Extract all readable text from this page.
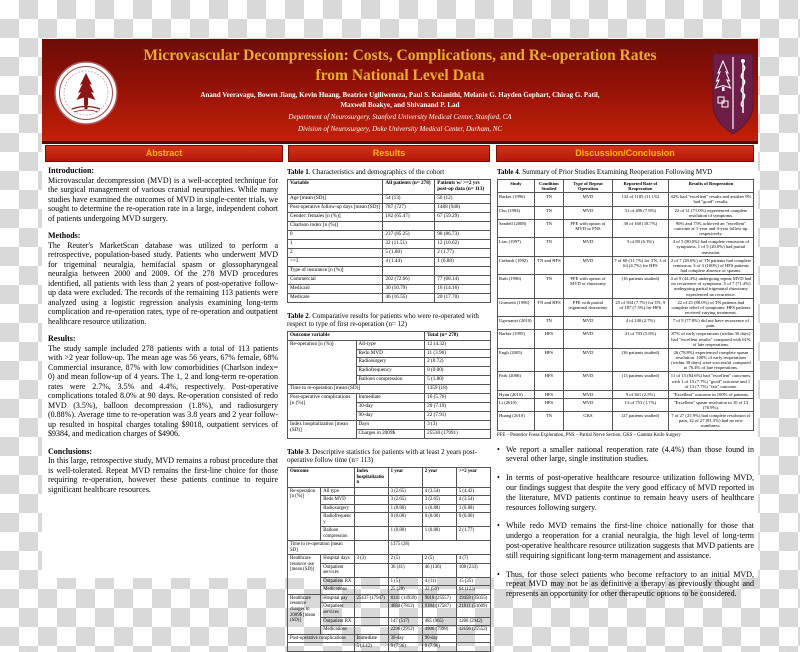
Microvascular Decompression: Costs, Complications, and Re-operation Rates
from National Level Data
Anand Veeravagu, Bowen Jiang, Kevin Huang, Beatrice Ugiliweneza, Paul S. Kalanithi, Melanie G. Hayden Gephart, Chirag G. Patil,
Maxwell Boakye, and Shivanand P. Lad
Department of Neurosurgery, Stanford University Medical Center, Stanford, CA
Division of Neurosurgery, Duke University Medical Center, Durham, NC
Abstract	Results	Discussion/Conclusion
Introduction:
Microvascular decompression (MVD) is a well-accepted technique for the surgical management of various cranial neuropathies. While many studies have examined the outcomes of MVD in single-center trials, we sought to determine the re-operation rate in a large, independent cohort of patients undergoing MVD surgery.
Methods:
The Reuter's MarketScan database was utilized to perform a retrospective, population-based study. Patients who underwent MVD for trigeminal neuralgia, hemifacial spasm or glossopharyngeal neuralgia between 2000 and 2009. Of the 278 MVD procedures identified, all patients with less than 2 years of post-operative follow-up data were excluded. The records of the remaining 113 patients were analyzed using a logistic regression analysis examining long-term complication and re-operation rates, type of re-operation and outpatient healthcare resource utilization.
Results:
The study sample included 278 patients with a total of 113 patients with >2 year follow-up. The mean age was 56 years, 67% female, 68% Commercial insurance, 87% with low comorbidities (Charlson index= 0) and mean follow-up of 4 years. The 1, 2 and long-term re-operation rates were 2.7%, 3.5% and 4.4%, respectively. Post-operative complications totaled 8.0% at 90 days. Re-operation consisted of redo MVD (3.5%), balloon decompression (1.8%), and radiosurgery (0.88%). Average time to re-operation was 3.8 years and 2 year follow-up resulted in hospital charges totaling $9018, outpatient services of $9384, and medication charges of $4906.
Conclusions:
In this large, retrospective study, MVD remains a robust procedure that is well-tolerated. Repeat MVD remains the first-line choice for those requiring re-operation, however these patients continue to require significant healthcare resources.
Table 1. Characteristics and demographics of the cohort
Variable	All patients (n= 278)	Patients w/ >=2 yrs post-op data (n= 113)
Age [mean (SD)]	54 (13)	56 (12)
Post-operative follow-up days [mean (SD)]	787 (727)	1488 (948)
Gender: females [n (%)]	182 (65.47)	67 (59.29)
Charlson index [n (%)]		
0	237 (85.25)	98 (86.73)
1	32 (11.51)	12 (10.62)
2	5 (1.80)	2 (1.77)
>=3	4 (1.44)	1 (0.88)
Type of insurance [n (%)]		
Commercial	202 (72.66)	77 (68.14)
Medicaid	30 (10.79)	16 (14.16)
Medicare	46 (16.55)	20 (17.70)
Table 2. Comparative results for patients who were re-operated with respect to type of first re-operation (n= 12)
Outcome variable		Total (n= 278)
Re-operation [n (%)]	All-type	12 (4.32)
	Redo MVD	11 (3.96)
	Radiosurgery	2 (0.72)
	Radiofrequency	0 (0.00)
	Balloon compression	5 (1.80)
Time to re-operation [mean (SD)]		1359 (18)
Post-operative complications [n (%)]	Immediate	16 (5.76)
	30-day	20 (7.19)
	90-day	22 (7.91)
Index hospitalization [mean (SD)]	Days	3 (3)
	Charges in 2009$	25530 (17991)
Table 3. Descriptive statistics for patients with at least 2 years post-operative follow time (n= 113)
Outcome		Index hospitalization	1 year	2 year	>=2 year
Re-operation [n (%)]	All type		3 (2.65)	4 (3.54)	5 (4.42)
	Redo MVD		3 (2.65)	3 (2.65)	4 (3.54)
	Radiosurgery		1 (0.88)	1 (0.88)	1 (0.88)
	Radiofrequency		0 (0.00)	0 (0.00)	0 (0.00)
	Balloon compression		1 (0.88)	1 (0.88)	2 (1.77)
Time to re-operation [mean SD]			1375 (28)		
Healthcare resource use [mean (SD)]	Hospital days	3 (3)	2 (5)	2 (5)	4 (7)
	Outpatient services		36 (41)	46 (136)	108 (233)
	Outpatient RX		1 (5)	4 (11)	15 (35)
	Medications		25 (28)	32 (59)	64 (123)
Healthcare resource charges in 2009$ [mean (SD)]	Hospital pay	25437 (17947)	8341 (14939)	9018 (25557)	19458 (35055)
	Outpatient services		4684 (7812)	9384 (17587)	21811 (51609)
	Outpatient RX		147 (517)	485 (965)	1206 (2942)
	Medications		2296 (2912)	4906 (7998)	12156 (25552)
Post-operative complications		Immediate	30-day	90-day	
		5 (4.42)	9 (7.96)	9 (7.96)	
Table 4. Summary of Prior Studies Examining Reoperation Following MVD
Study	Condition Studied	Type of Repeat Operation	Reported Rate of Reoperation	Results of Reoperation
Barker (1996)	TN	MVD	132 of 1185 (11.1%)	42% had "excellent" results and another 9% had "good" results.
Cho (1994)	TN	MVD	31 of 400 (7.8%)	22 of 31 (71.0%) experienced complete resolution of symptoms.
Sandell (2008)	TN	PFE with option of MVD or PNS	30 of 160 (18.7%)	90% and 75% achieved an "excellent" outcome at 1-year and 4-year follow-up respectively.
Liao (1997)	TN	MVD	5 of 80 (6.3%)	4 of 5 (80.0%) had complete remission of symptoms, 1 of 5 (20.0%) had partial remission.
Cutbush (1992)	TN and HFS	MVD	7 of 60 (11.7%) for TN, 3 of 64 (4.7%) for HFS	2 of 7 (28.6%) of TN patients had complete remission. 3 of 3 (100%) of HFS patients had complete absence of spasms.
Rath (1996)	TN	PFE with option of MVD or rhizotomy	(16 patients studied)	4 of 9 (44.4%) undergoing repeat MVD had no recurrence of symptoms. 5 of 7 (71.4%) undergoing partial trigeminal rhizotomy experienced no recurrence.
Gronseth (1996)	TN and HFS	PFE with partial trigeminal rhizotomy	25 of 504 (7.7%) for TN, 9 of 187 (7.5%) for HFS	22 of 25 (88.0%) of TN patients had complete relief of symptoms; HFS patients received varying treatments.
Ugwuanyi (2010)	TN	MVD	4 of 148 (2.7%)	7 of 9 (77.8%) did not have recurrence of pain.
Barker (1995)	HFS	MVD	41 of 703 (5.8%)	87% of early reoperations (within 30 days) had "excellent results" compared with 61% of late reoperations.
Engh (2005)	HFS	MVD	(36 patients studied)	26 (78.8%) experienced complete spasm resolution. 100% of early reoperations (within 30 days) were successful compared to 76.4% of late reoperations.
Park (2006)	HFS	MVD	(13 patients studied)	11 of 13 (84.6%) had "excellent" outcomes, with 1 of 13 (7.7%) "good" outcome and 1 of 13 (7.7%) "fair" outcome.
Hyun (2010)	HFS	MVD	9 of 361 (2.5%)	"Excellent" outcome in 100% of patients.
Li (2010)	HFS	MVD	13 of 753 (1.7%)	"Excellent" spasm resolution in 10 of 13 (76.9%).
Huang (2010)	TN	GKS	(27 patients studied)	7 of 27 (25.9%) had complete resolution of pain, 22 of 27 (81.5%) had no new numbness.
PFE – Posterior Fossa Exploration, PNS – Partial Nerve Section, GKS – Gamma Knife Surgery
• We report a smaller national reoperation rate (4.4%) than those found in several other large, single institution studies.
• In terms of post-operative healthcare resource utilization following MVD, our findings suggest that despite the very good efficacy of MVD reported in the literature, MVD patients continue to remain heavy users of healthcare resources following surgery.
• While redo MVD remains the first-line choice nationally for those that undergo a reoperation for a cranial neuralgia, the high level of long-term post-operative healthcare resource utilization suggests that MVD patients are still requiring significant long-term management and assistance.
• Thus, for those select patients who become refractory to an initial MVD, repeat MVD may not be as definitive a therapy as previously thought and represents an opportunity for other therapeutic options to be considered.
